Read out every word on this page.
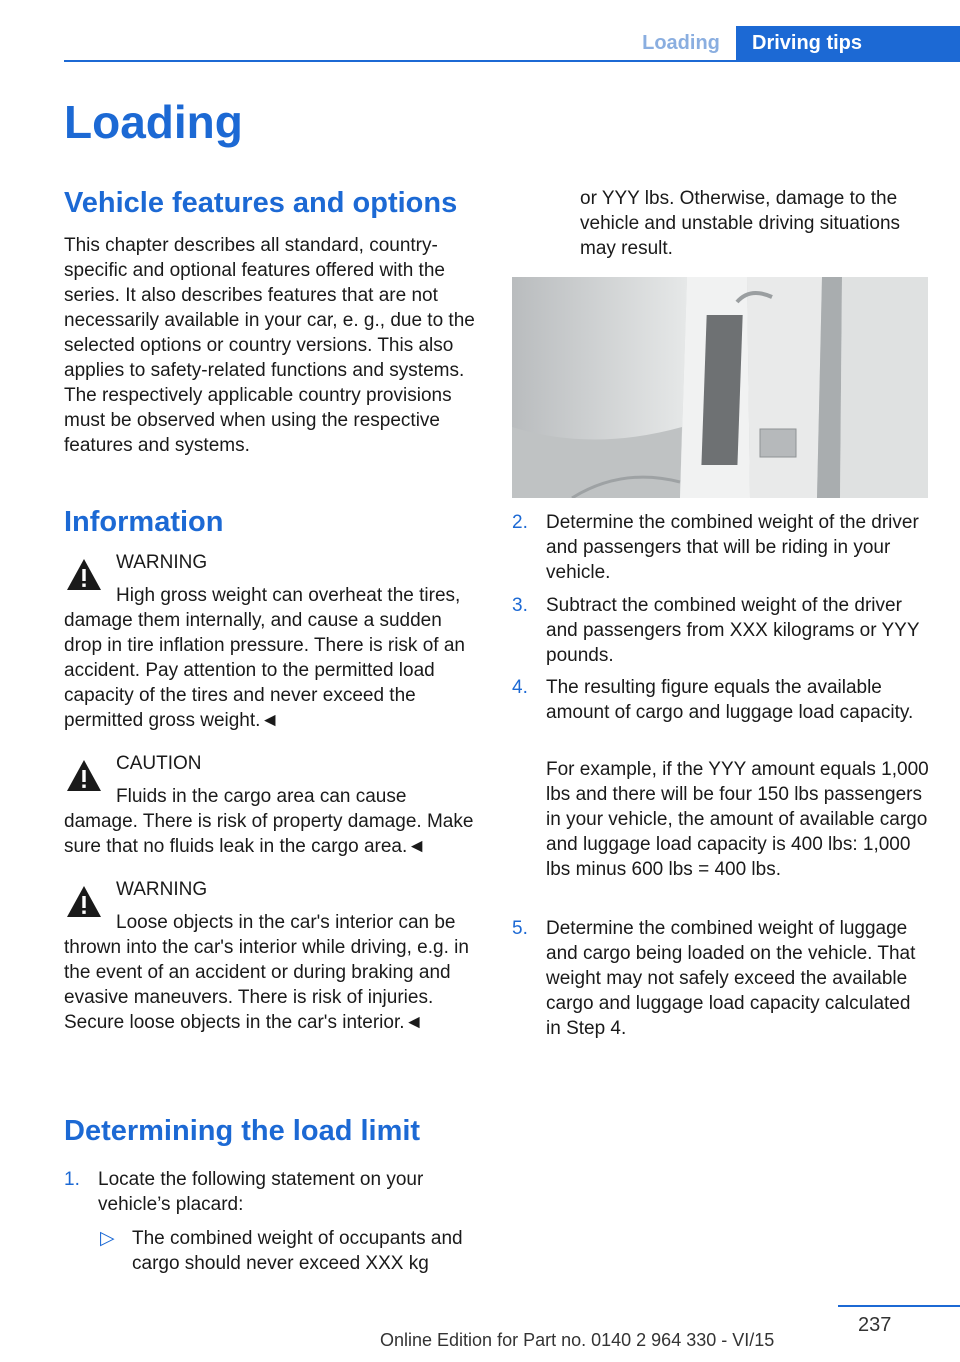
Loading	Driving tips
Loading
Vehicle features and options

This chapter describes all standard, country-specific and optional features offered with the series. It also describes features that are not necessarily available in your car, e. g., due to the selected options or country versions. This also applies to safety-related functions and systems. The respectively applicable country provisions must be observed when using the respective features and systems.

Information
WARNING

High gross weight can overheat the tires, damage them internally, and cause a sudden drop in tire inflation pressure. There is risk of an accident. Pay attention to the permitted load capacity of the tires and never exceed the permitted gross weight.◄

CAUTION

Fluids in the cargo area can cause damage. There is risk of property damage. Make sure that no fluids leak in the cargo area.◄

WARNING

Loose objects in the car's interior can be thrown into the car's interior while driving, e.g. in the event of an accident or during braking and evasive maneuvers. There is risk of injuries. Secure loose objects in the car's interior.◄

Determining the load limit
1. Locate the following statement on your vehicle’s placard:

▷ The combined weight of occupants and cargo should never exceed XXX kg

or YYY lbs. Otherwise, damage to the vehicle and unstable driving situations may result.

2. Determine the combined weight of the driver and passengers that will be riding in your vehicle.

3. Subtract the combined weight of the driver and passengers from XXX kilograms or YYY pounds.

4. The resulting figure equals the available amount of cargo and luggage load capacity.

For example, if the YYY amount equals 1,000 lbs and there will be four 150 lbs passengers in your vehicle, the amount of available cargo and luggage load capacity is 400 lbs: 1,000 lbs minus 600 lbs = 400 lbs.

5. Determine the combined weight of luggage and cargo being loaded on the vehicle. That weight may not safely exceed the available cargo and luggage load capacity calculated in Step 4.

237
Online Edition for Part no. 0140 2 964 330 - VI/15
